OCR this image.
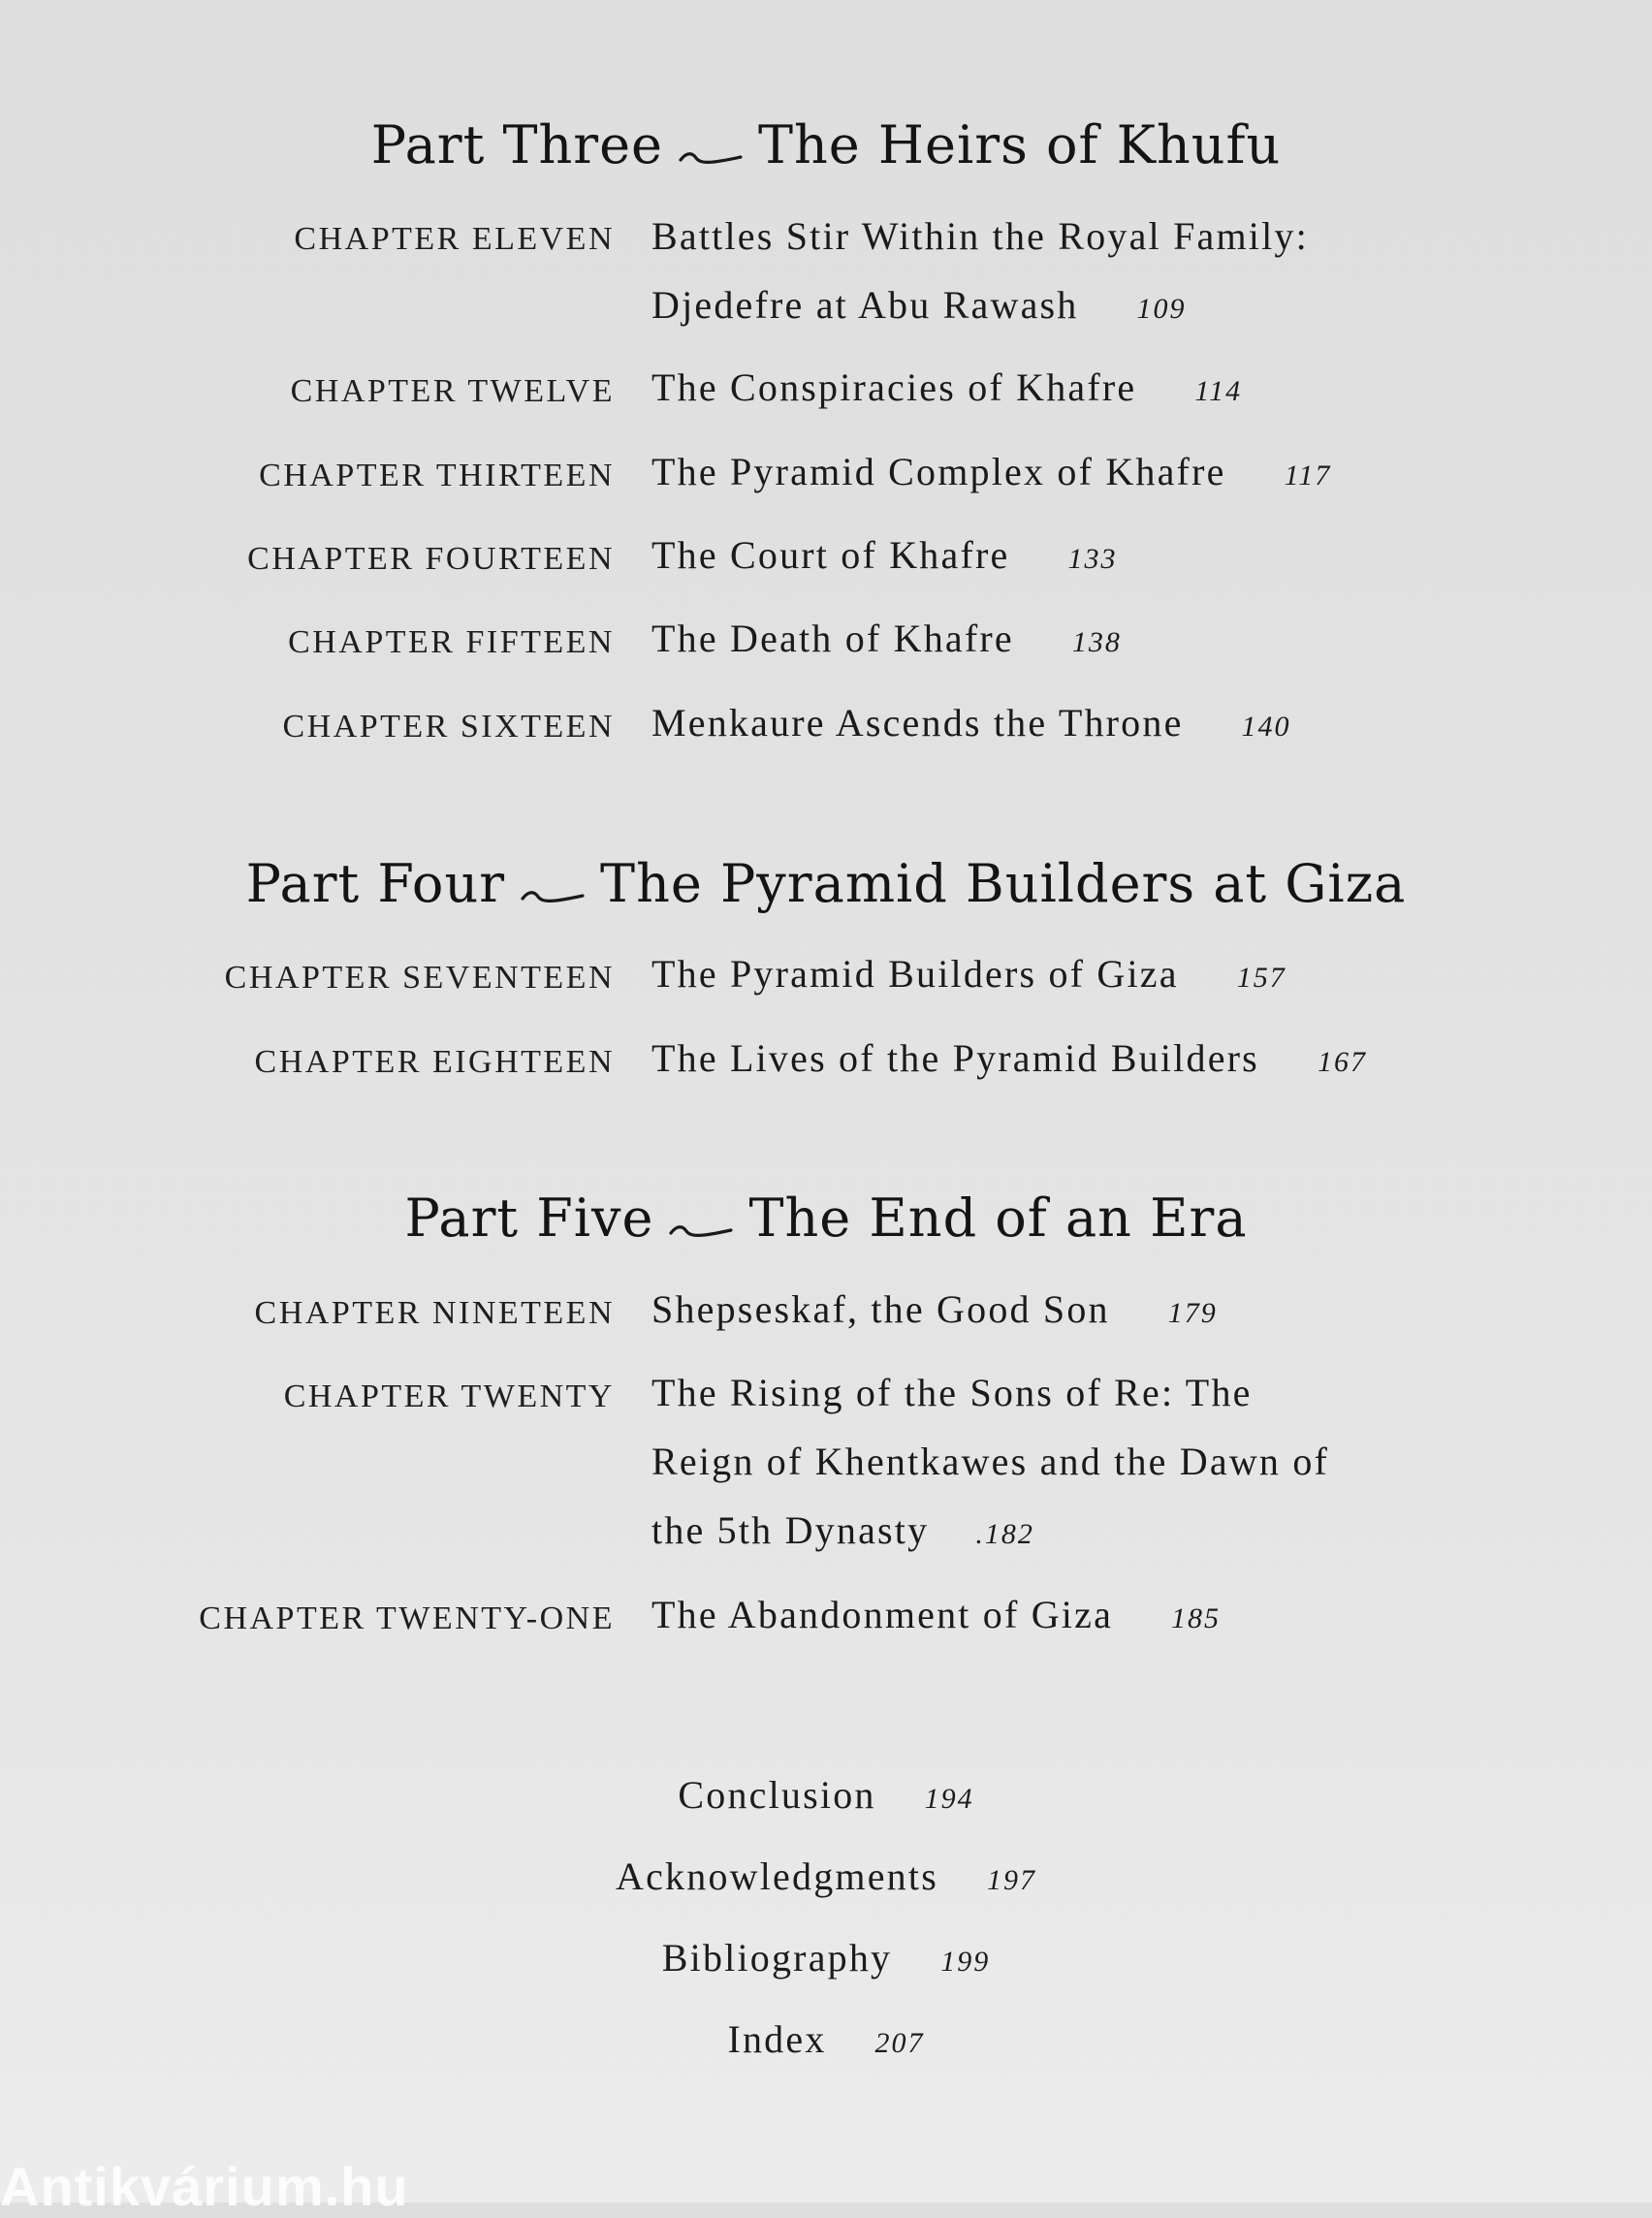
Part Three The Heirs of Khufu
CHAPTER ELEVEN Battles Stir Within the Royal Family:
Djedefre at Abu Rawash 109
CHAPTER TWELVE The Conspiracies of Khafre 114
CHAPTER THIRTEEN The Pyramid Complex of Khafre 117
CHAPTER FOURTEEN The Court of Khafre 133
CHAPTER FIFTEEN The Death of Khafre 138
CHAPTER SIXTEEN Menkaure Ascends the Throne 140
Part Four The Pyramid Builders at Giza
CHAPTER SEVENTEEN The Pyramid Builders of Giza 157
CHAPTER EIGHTEEN The Lives of the Pyramid Builders 167
Part Five The End of an Era
CHAPTER NINETEEN Shepseskaf, the Good Son 179
CHAPTER TWENTY The Rising of the Sons of Re: The
Reign of Khentkawes and the Dawn of
the 5th Dynasty .182
CHAPTER TWENTY-ONE The Abandonment of Giza 185
Conclusion 194
Acknowledgments 197
Bibliography 199
Index 207
Antikvárium.hu
